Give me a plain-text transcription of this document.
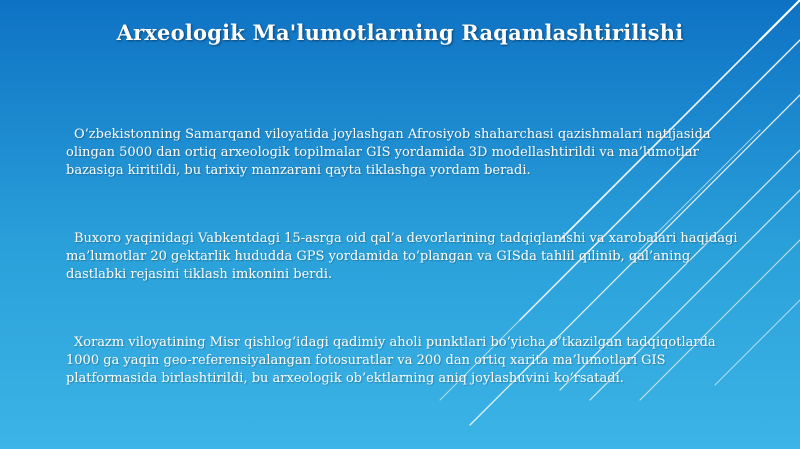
Arxeologik Ma'lumotlarning Raqamlashtirilishi

O‘zbekistonning Samarqand viloyatida joylashgan Afrosiyob shaharchasi qazishmalari natijasida olingan 5000 dan ortiq arxeologik topilmalar GIS yordamida 3D modellashtirildi va ma’lumotlar bazasiga kiritildi, bu tarixiy manzarani qayta tiklashga yordam beradi.

Buxoro yaqinidagi Vabkentdagi 15-asrga oid qal’a devorlarining tadqiqlanishi va xarobalari haqidagi ma’lumotlar 20 gektarlik hududda GPS yordamida to‘plangan va GISda tahlil qilinib, qal’aning dastlabki rejasini tiklash imkonini berdi.

Xorazm viloyatining Misr qishlog‘idagi qadimiy aholi punktlari bo‘yicha o‘tkazilgan tadqiqotlarda 1000 ga yaqin geo-referensiyalangan fotosuratlar va 200 dan ortiq xarita ma’lumotlari GIS platformasida birlashtirildi, bu arxeologik ob’ektlarning aniq joylashuvini ko‘rsatadi.
